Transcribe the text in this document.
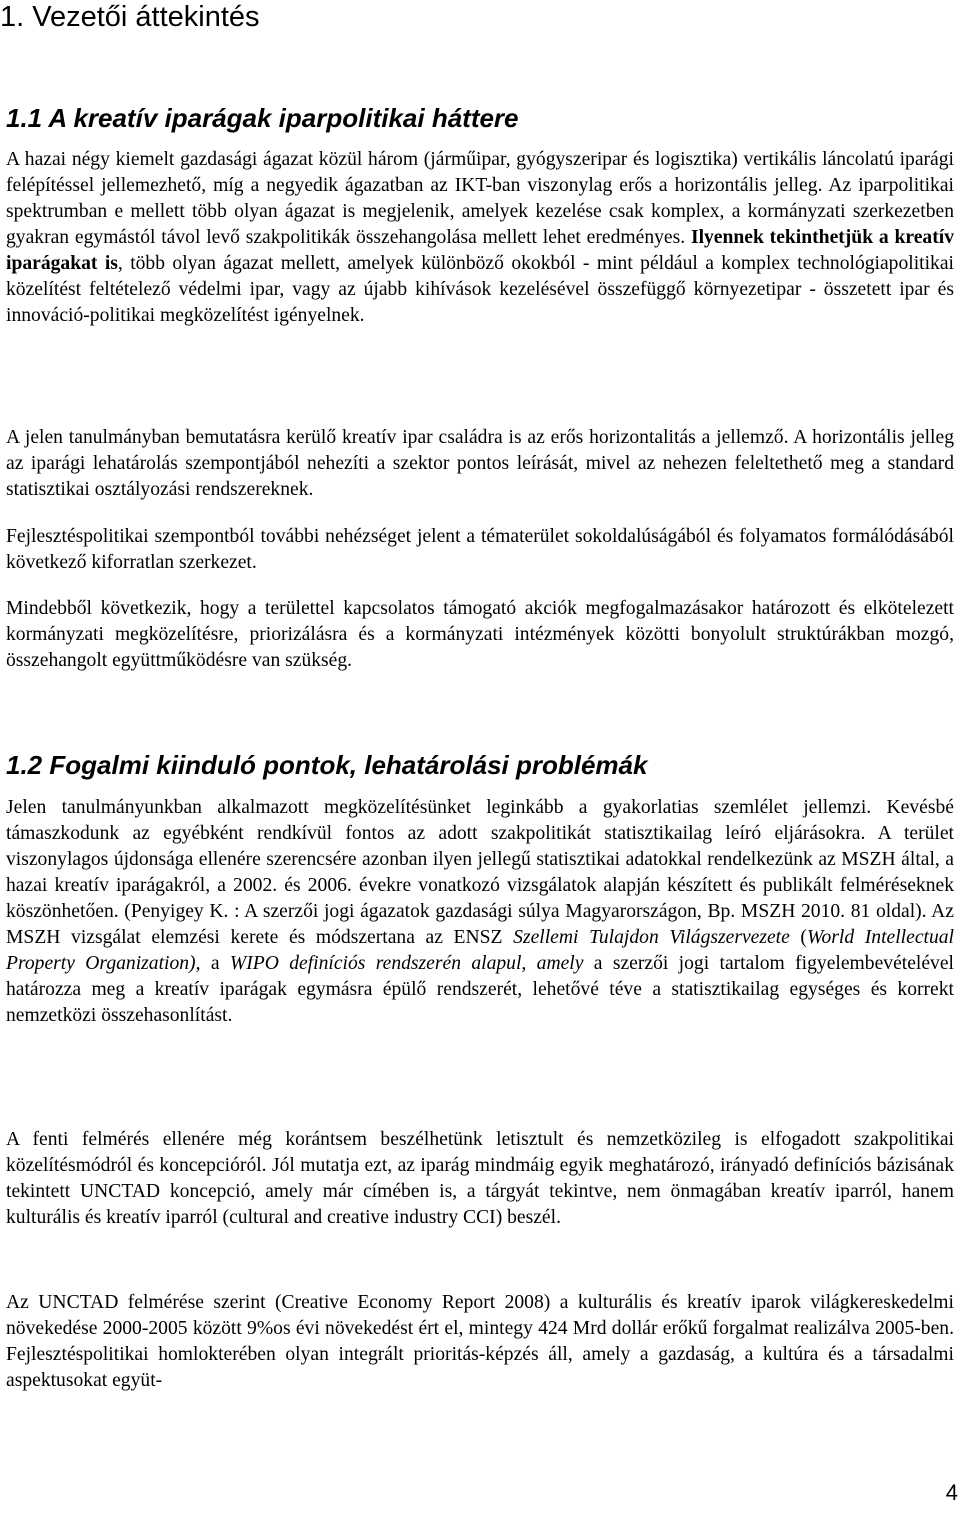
1. Vezetői áttekintés
1.1 A kreatív iparágak iparpolitikai háttere

A hazai négy kiemelt gazdasági ágazat közül három (járműipar, gyógyszeripar és logisztika) vertikális láncolatú iparági felépítéssel jellemezhető, míg a negyedik ágazatban az IKT-ban viszonylag erős a horizontális jelleg. Az iparpolitikai spektrumban e mellett több olyan ágazat is megjelenik, amelyek kezelése csak komplex, a kormányzati szerkezetben gyakran egymástól távol levő szakpolitikák összehangolása mellett lehet eredményes. Ilyennek tekinthetjük a kreatív iparágakat is, több olyan ágazat mellett, amelyek különböző okokból - mint például a komplex technológiapolitikai közelítést feltételező védelmi ipar, vagy az újabb kihívások kezelésével összefüggő környezetipar - összetett ipar és innováció-politikai megközelítést igényelnek.

A jelen tanulmányban bemutatásra kerülő kreatív ipar családra is az erős horizontalitás a jellemző. A horizontális jelleg az iparági lehatárolás szempontjából nehezíti a szektor pontos leírását, mivel az nehezen feleltethető meg a standard statisztikai osztályozási rendszereknek.

Fejlesztéspolitikai szempontból további nehézséget jelent a tématerület sokoldalúságából és folyamatos formálódásából következő kiforratlan szerkezet.

Mindebből következik, hogy a területtel kapcsolatos támogató akciók megfogalmazásakor határozott és elkötelezett kormányzati megközelítésre, priorizálásra és a kormányzati intézmények közötti bonyolult struktúrákban mozgó, összehangolt együttműködésre van szükség.

1.2 Fogalmi kiinduló pontok, lehatárolási problémák

Jelen tanulmányunkban alkalmazott megközelítésünket leginkább a gyakorlatias szemlélet jellemzi. Kevésbé támaszkodunk az egyébként rendkívül fontos az adott szakpolitikát statisztikailag leíró eljárásokra. A terület viszonylagos újdonsága ellenére szerencsére azonban ilyen jellegű statisztikai adatokkal rendelkezünk az MSZH által, a hazai kreatív iparágakról, a 2002. és 2006. évekre vonatkozó vizsgálatok alapján készített és publikált felméréseknek köszönhetően. (Penyigey K. : A szerzői jogi ágazatok gazdasági súlya Magyarországon, Bp. MSZH 2010. 81 oldal). Az MSZH vizsgálat elemzési kerete és módszertana az ENSZ Szellemi Tulajdon Világszervezete (World Intellectual Property Organization), a WIPO definíciós rendszerén alapul, amely a szerzői jogi tartalom figyelembevételével határozza meg a kreatív iparágak egymásra épülő rendszerét, lehetővé téve a statisztikailag egységes és korrekt nemzetközi összehasonlítást.

A fenti felmérés ellenére még korántsem beszélhetünk letisztult és nemzetközileg is elfogadott szakpolitikai közelítésmódról és koncepcióról. Jól mutatja ezt, az iparág mindmáig egyik meghatározó, irányadó definíciós bázisának tekintett UNCTAD koncepció, amely már címében is, a tárgyát tekintve, nem önmagában kreatív iparról, hanem kulturális és kreatív iparról (cultural and creative industry CCI) beszél.

Az UNCTAD felmérése szerint (Creative Economy Report 2008) a kulturális és kreatív iparok világkereskedelmi növekedése 2000-2005 között 9%os évi növekedést ért el, mintegy 424 Mrd dollár erőkű forgalmat realizálva 2005-ben. Fejlesztéspolitikai homlokterében olyan integrált prioritás-képzés áll, amely a gazdaság, a kultúra és a társadalmi aspektusokat együt-

4
